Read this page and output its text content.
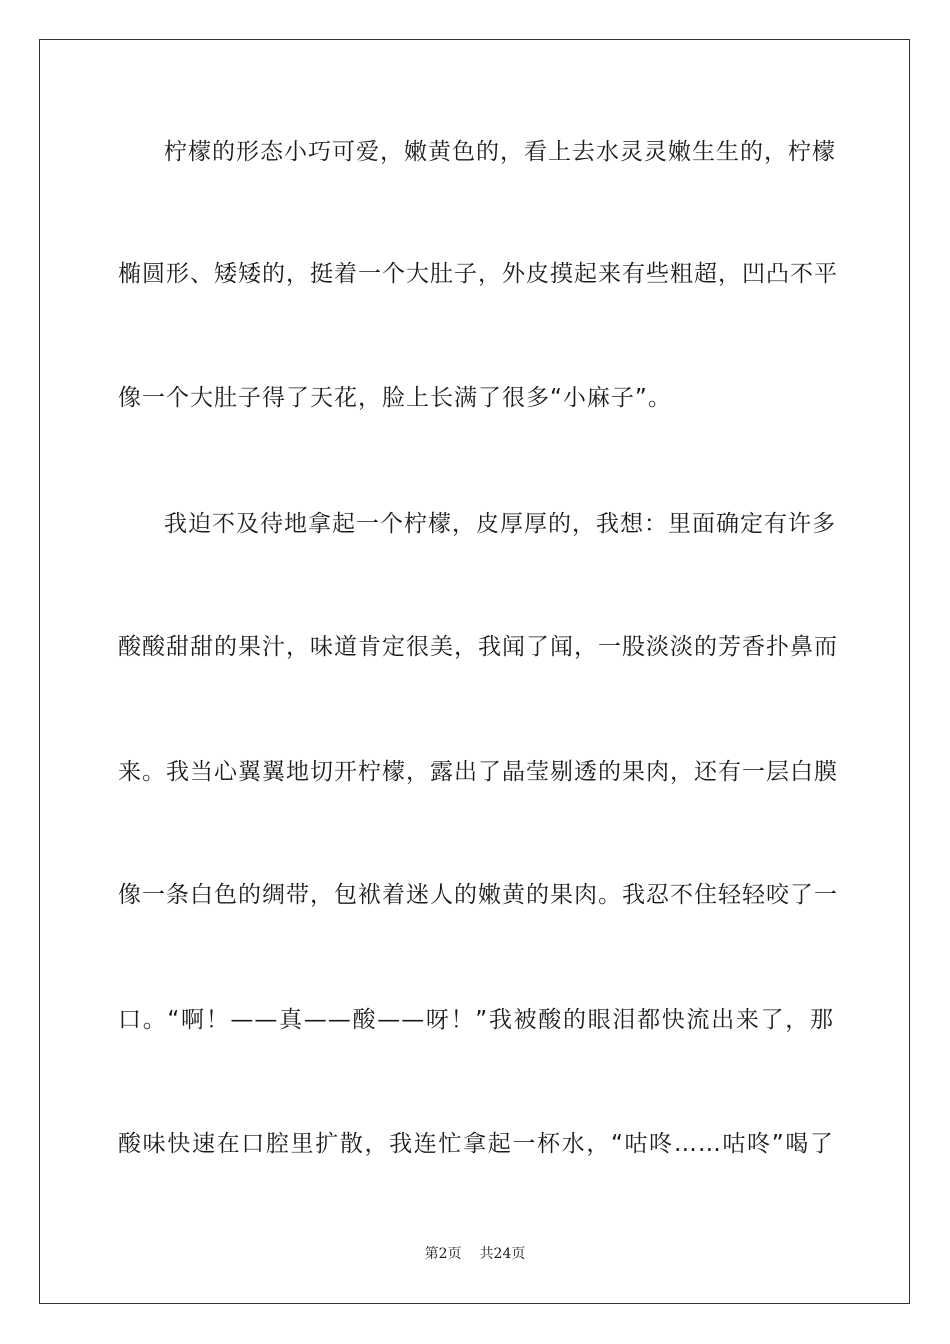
柠檬的形态小巧可爱，嫩黄色的，看上去水灵灵嫩生生的，柠檬
椭圆形、矮矮的，挺着一个大肚子，外皮摸起来有些粗超，凹凸不平
像一个大肚子得了天花，脸上长满了很多“小麻子”。
我迫不及待地拿起一个柠檬，皮厚厚的，我想：里面确定有许多
酸酸甜甜的果汁，味道肯定很美，我闻了闻，一股淡淡的芳香扑鼻而
来。我当心翼翼地切开柠檬，露出了晶莹剔透的果肉，还有一层白膜
像一条白色的绸带，包袱着迷人的嫩黄的果肉。我忍不住轻轻咬了一
口。“啊！——真——酸——呀！”我被酸的眼泪都快流出来了，那
酸味快速在口腔里扩散，我连忙拿起一杯水，“咕咚……咕咚”喝了
第2页 共24页
